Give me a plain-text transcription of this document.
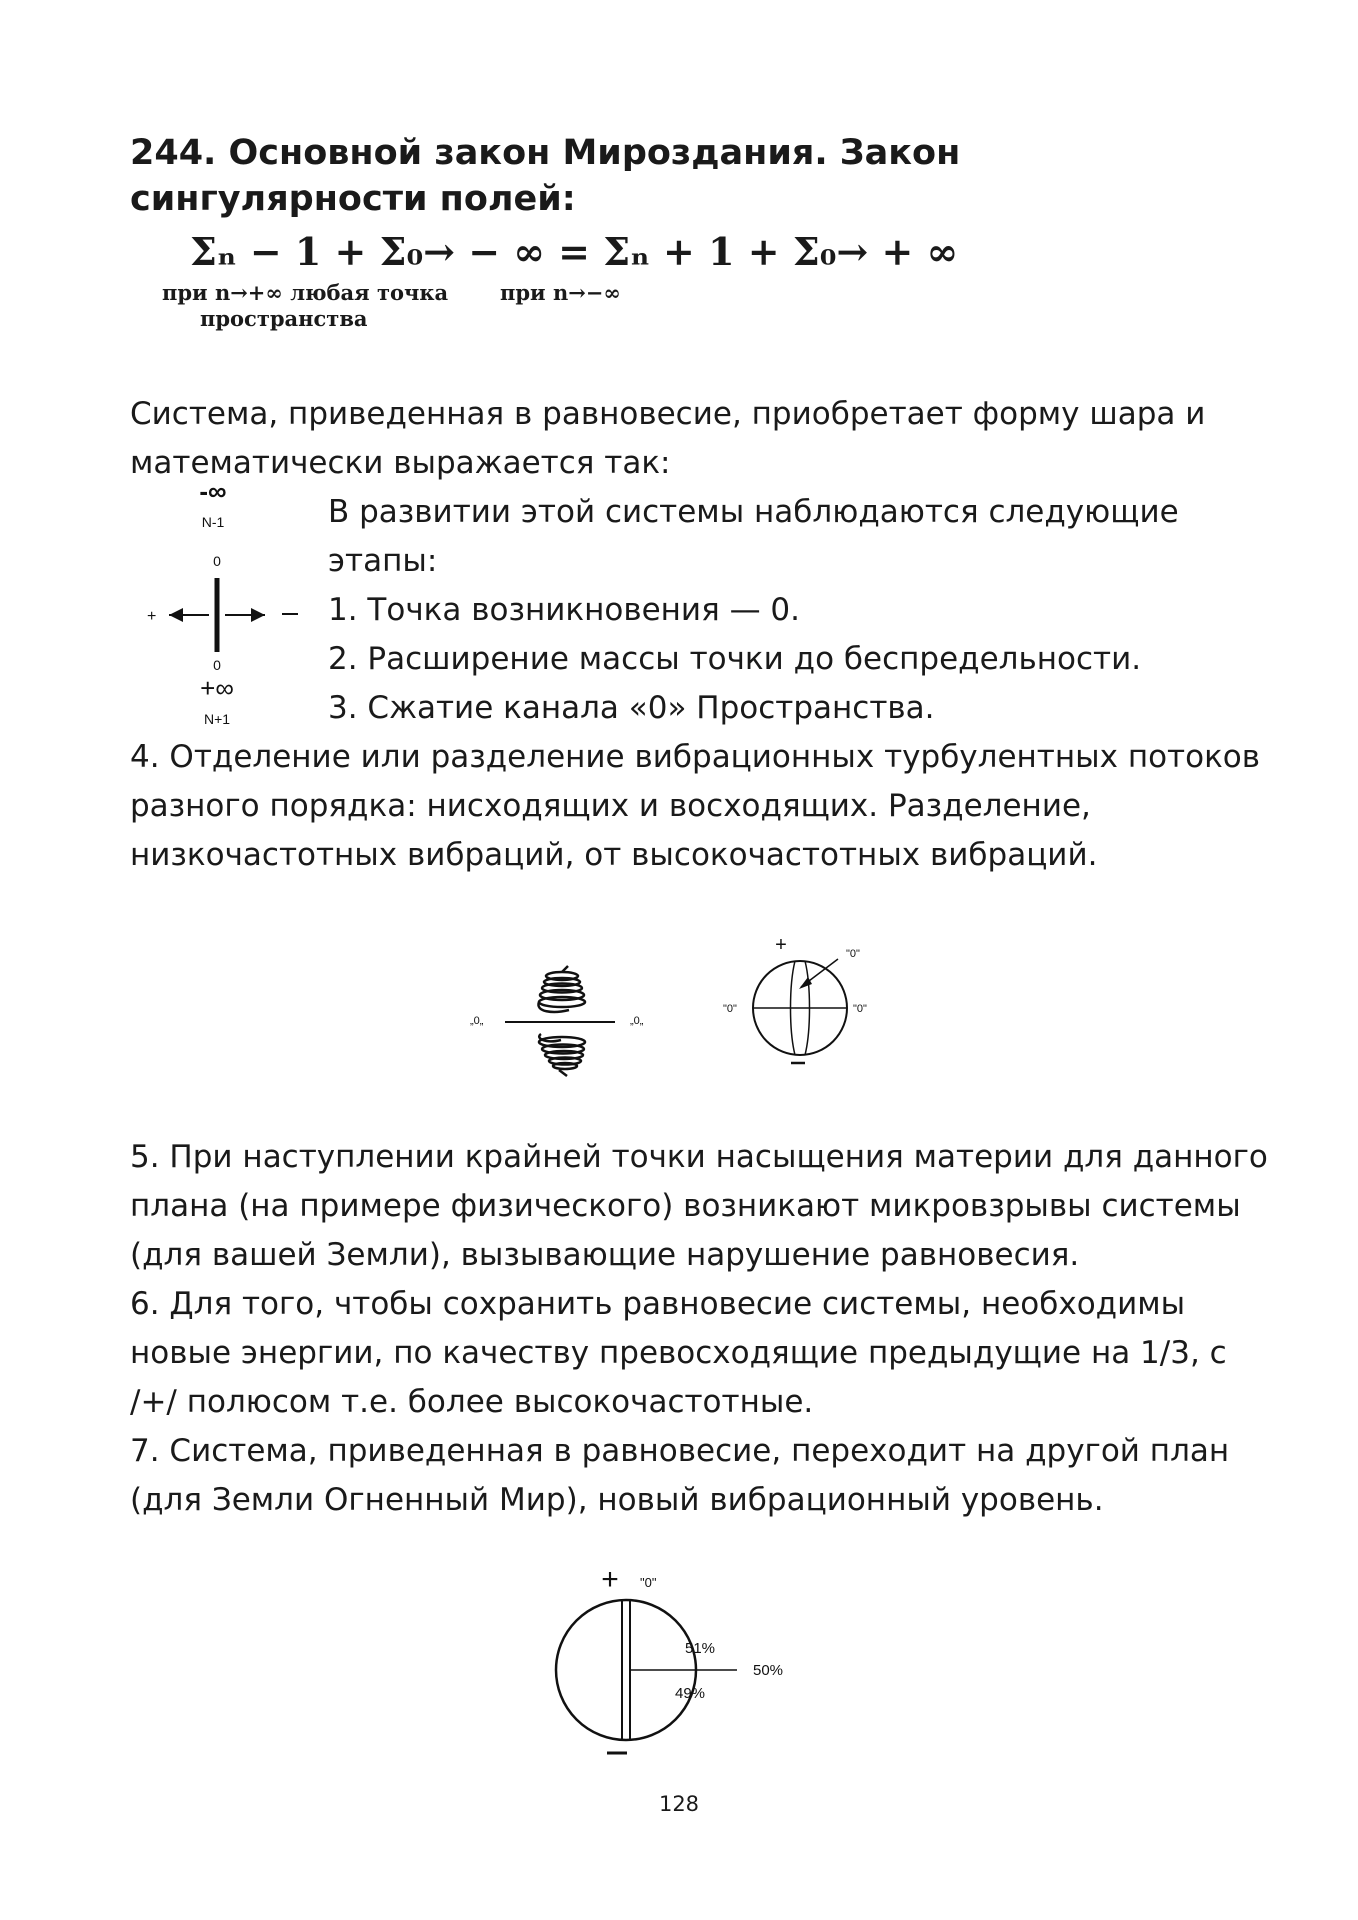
244. Основной закон Мироздания. Закон сингулярности полей:
Σₙ − 1 + Σ₀→ − ∞ = Σₙ + 1 + Σ₀→ + ∞
при n→+∞ любая точка
пространства
при n→−∞

Система, приведенная в равновесие, приобретает форму шара и математически выражается так:

-∞
N-1
0
+
0
+∞
N+1

В развитии этой системы наблюдаются следующие этапы:

1. Точка возникновения — 0.

2. Расширение массы точки до беспредельности.

3. Сжатие канала «0» Пространства.

4. Отделение или разделение вибрационных турбулентных потоков разного порядка: нисходящих и восходящих. Разделение, низкочастотных вибраций, от высокочастотных вибраций.

„0„	„0„
+	"0"
"0"	"0"

5. При наступлении крайней точки насыщения материи для данного плана (на примере физического) возникают микровзрывы системы (для вашей Земли), вызывающие нарушение равновесия.

6. Для того, чтобы сохранить равновесие системы, необходимы новые энергии, по качеству превосходящие предыдущие на 1/3, с /+/ полюсом т.е. более высокочастотные.

7. Система, приведенная в равновесие, переходит на другой план (для Земли Огненный Мир), новый вибрационный уровень.

+ "0"
51%
50%
49%
128
